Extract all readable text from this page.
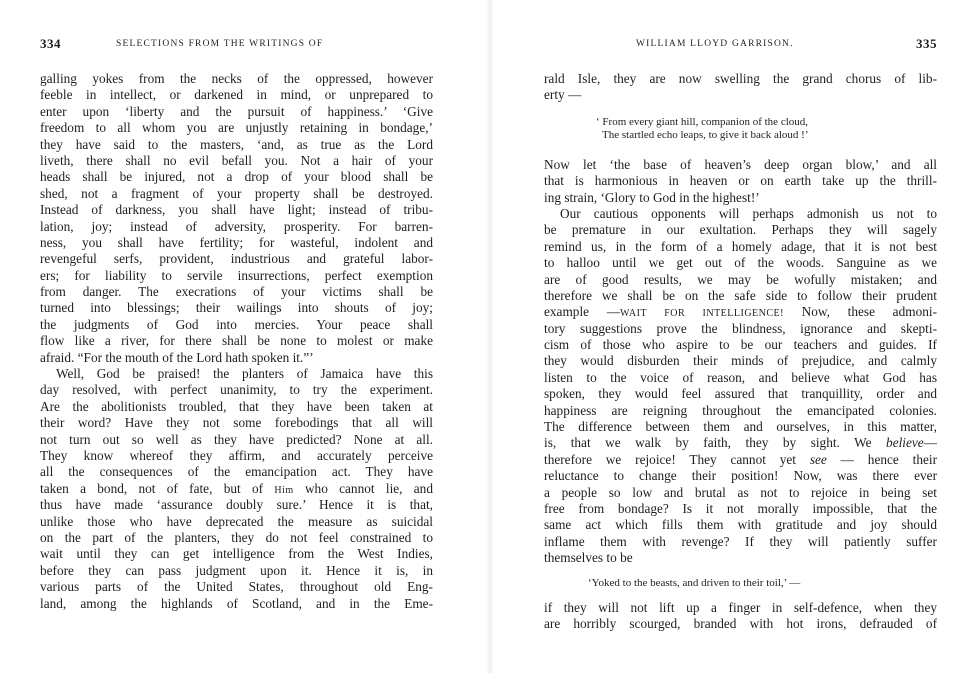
334	SELECTIONS FROM THE WRITINGS OF
galling yokes from the necks of the oppressed, however
feeble in intellect, or darkened in mind, or unprepared to
enter upon ‘liberty and the pursuit of happiness.’ ‘Give
freedom to all whom you are unjustly retaining in bondage,’
they have said to the masters, ‘and, as true as the Lord
liveth, there shall no evil befall you. Not a hair of your
heads shall be injured, not a drop of your blood shall be
shed, not a fragment of your property shall be destroyed.
Instead of darkness, you shall have light; instead of tribu-
lation, joy; instead of adversity, prosperity. For barren-
ness, you shall have fertility; for wasteful, indolent and
revengeful serfs, provident, industrious and grateful labor-
ers; for liability to servile insurrections, perfect exemption
from danger. The execrations of your victims shall be
turned into blessings; their wailings into shouts of joy;
the judgments of God into mercies. Your peace shall
flow like a river, for there shall be none to molest or make
afraid. “For the mouth of the Lord hath spoken it.”’
Well, God be praised! the planters of Jamaica have this
day resolved, with perfect unanimity, to try the experiment.
Are the abolitionists troubled, that they have been taken at
their word? Have they not some forebodings that all will
not turn out so well as they have predicted? None at all.
They know whereof they affirm, and accurately perceive
all the consequences of the emancipation act. They have
taken a bond, not of fate, but of Him who cannot lie, and
thus have made ‘assurance doubly sure.’ Hence it is that,
unlike those who have deprecated the measure as suicidal
on the part of the planters, they do not feel constrained to
wait until they can get intelligence from the West Indies,
before they can pass judgment upon it. Hence it is, in
various parts of the United States, throughout old Eng-
land, among the highlands of Scotland, and in the Eme-
WILLIAM LLOYD GARRISON.	335
rald Isle, they are now swelling the grand chorus of lib-
erty —
‘ From every giant hill, companion of the cloud,
The startled echo leaps, to give it back aloud !’
Now let ‘the base of heaven’s deep organ blow,’ and all
that is harmonious in heaven or on earth take up the thrill-
ing strain, ‘Glory to God in the highest!’
Our cautious opponents will perhaps admonish us not to
be premature in our exultation. Perhaps they will sagely
remind us, in the form of a homely adage, that it is not best
to halloo until we get out of the woods. Sanguine as we
are of good results, we may be wofully mistaken; and
therefore we shall be on the safe side to follow their prudent
example —WAIT FOR INTELLIGENCE! Now, these admoni-
tory suggestions prove the blindness, ignorance and skepti-
cism of those who aspire to be our teachers and guides. If
they would disburden their minds of prejudice, and calmly
listen to the voice of reason, and believe what God has
spoken, they would feel assured that tranquillity, order and
happiness are reigning throughout the emancipated colonies.
The difference between them and ourselves, in this matter,
is, that we walk by faith, they by sight. We believe—
therefore we rejoice! They cannot yet see — hence their
reluctance to change their position! Now, was there ever
a people so low and brutal as not to rejoice in being set
free from bondage? Is it not morally impossible, that the
same act which fills them with gratitude and joy should
inflame them with revenge? If they will patiently suffer
themselves to be
‘Yoked to the beasts, and driven to their toil,’ —
if they will not lift up a finger in self-defence, when they
are horribly scourged, branded with hot irons, defrauded of
